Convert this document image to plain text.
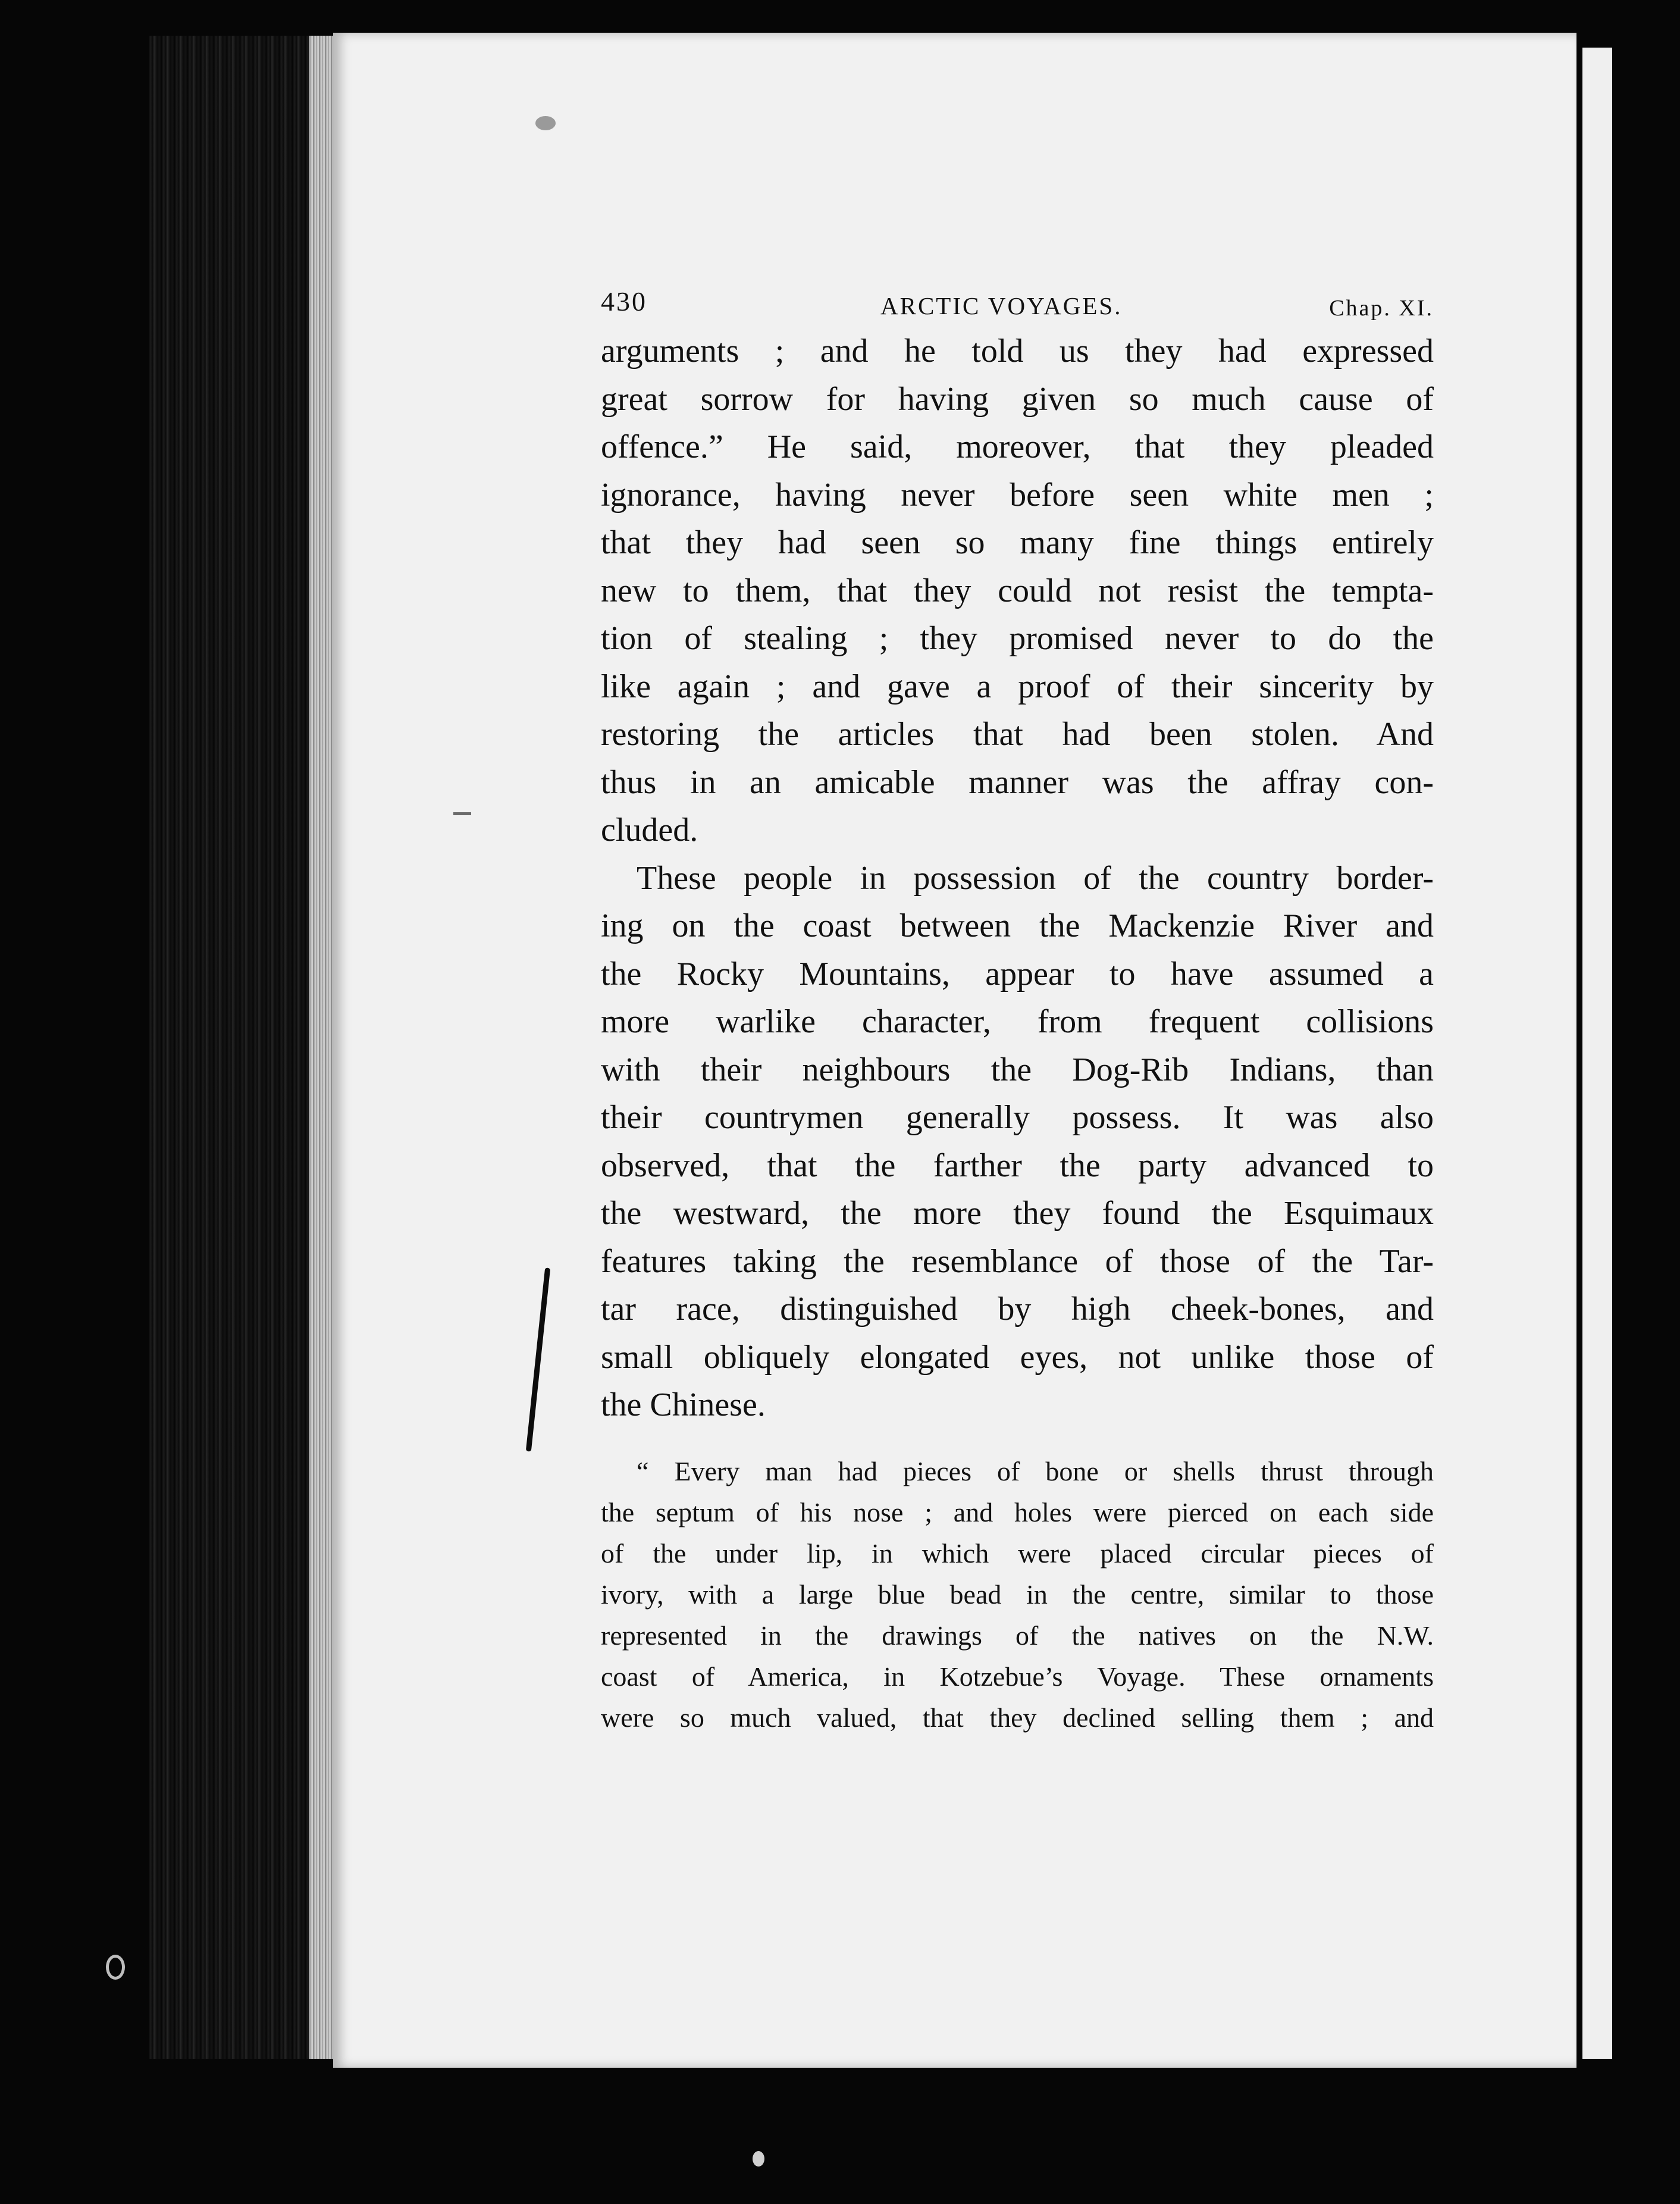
430	ARCTIC VOYAGES.	Chap. XI.
arguments ; and he told us they had expressed
great sorrow for having given so much cause of
offence.” He said, moreover, that they pleaded
ignorance, having never before seen white men ;
that they had seen so many fine things entirely
new to them, that they could not resist the tempta-
tion of stealing ; they promised never to do the
like again ; and gave a proof of their sincerity by
restoring the articles that had been stolen. And
thus in an amicable manner was the affray con-
cluded.
These people in possession of the country border-
ing on the coast between the Mackenzie River and
the Rocky Mountains, appear to have assumed a
more warlike character, from frequent collisions
with their neighbours the Dog-Rib Indians, than
their countrymen generally possess. It was also
observed, that the farther the party advanced to
the westward, the more they found the Esquimaux
features taking the resemblance of those of the Tar-
tar race, distinguished by high cheek-bones, and
small obliquely elongated eyes, not unlike those of
the Chinese.
“ Every man had pieces of bone or shells thrust through
the septum of his nose ; and holes were pierced on each side
of the under lip, in which were placed circular pieces of
ivory, with a large blue bead in the centre, similar to those
represented in the drawings of the natives on the N.W.
coast of America, in Kotzebue’s Voyage. These ornaments
were so much valued, that they declined selling them ; and
